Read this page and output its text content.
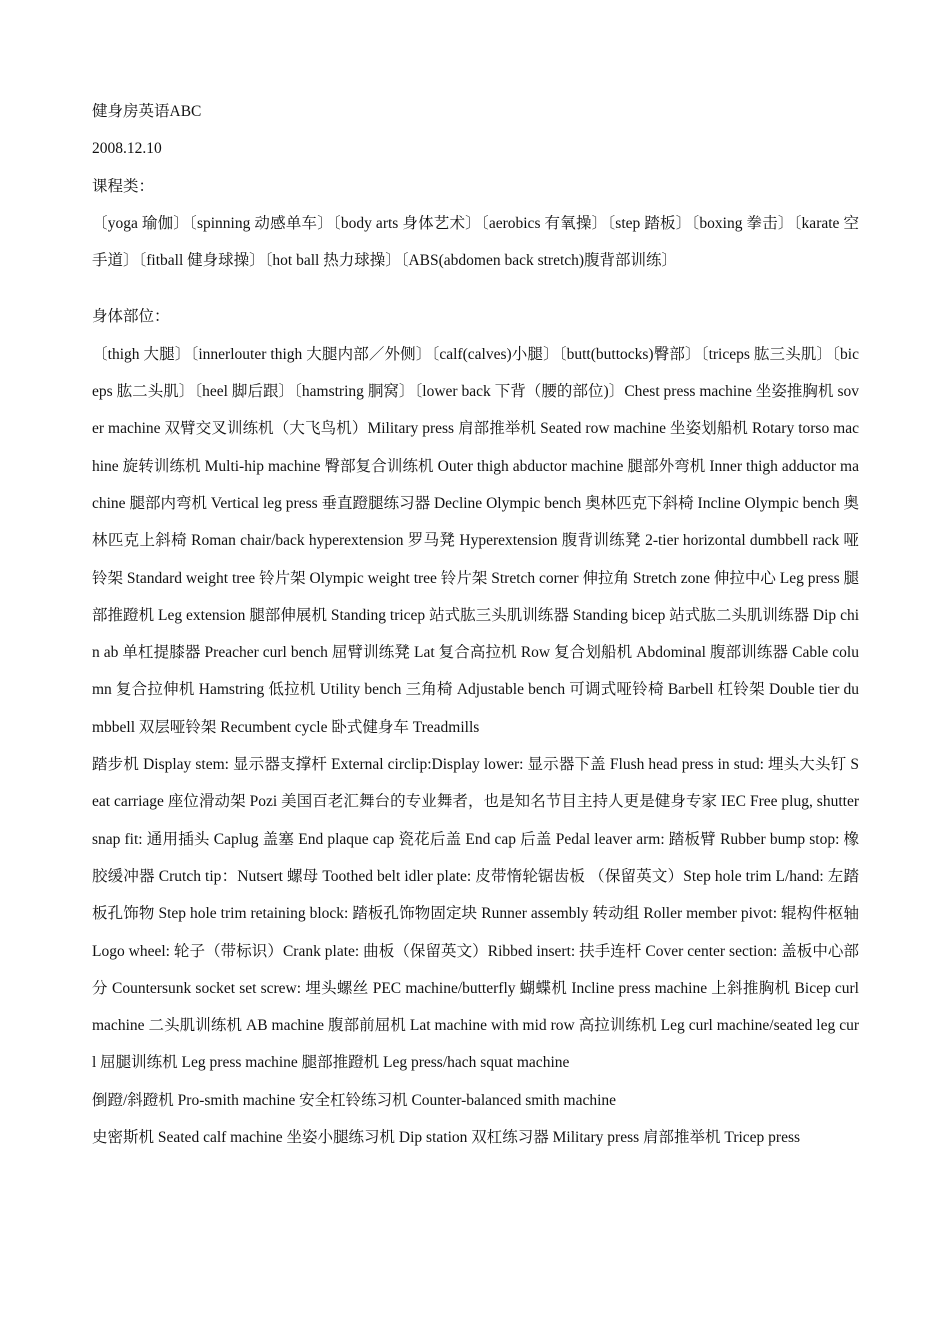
健身房英语ABC

2008.12.10

课程类：

〔yoga 瑜伽〕〔spinning 动感单车〕〔body arts 身体艺术〕〔aerobics 有氧操〕〔step 踏板〕〔boxing 拳击〕〔karate 空手道〕〔fitball 健身球操〕〔hot ball 热力球操〕〔ABS(abdomen back stretch)腹背部训练〕

身体部位：

〔thigh 大腿〕〔innerlouter thigh 大腿内部／外侧〕〔calf(calves)小腿〕〔butt(buttocks)臀部〕〔triceps 肱三头肌〕〔biceps 肱二头肌〕〔heel 脚后跟〕〔hamstring 胴窝〕〔lower back 下背（腰的部位)〕Chest press machine 坐姿推胸机 sover machine 双臂交叉训练机（大飞鸟机）Military press 肩部推举机 Seated row machine 坐姿划船机 Rotary torso machine 旋转训练机 Multi-hip machine 臀部复合训练机 Outer thigh abductor machine 腿部外弯机 Inner thigh adductor machine 腿部内弯机 Vertical leg press 垂直蹬腿练习器 Decline Olympic bench 奥林匹克下斜椅 Incline Olympic bench 奥林匹克上斜椅 Roman chair/back hyperextension 罗马凳 Hyperextension 腹背训练凳 2-tier horizontal dumbbell rack 哑铃架 Standard weight tree 铃片架 Olympic weight tree 铃片架 Stretch corner 伸拉角 Stretch zone 伸拉中心 Leg press 腿部推蹬机 Leg extension 腿部伸展机 Standing tricep 站式肱三头肌训练器 Standing bicep 站式肱二头肌训练器 Dip chin ab 单杠提膝器 Preacher curl bench 屈臂训练凳 Lat 复合高拉机 Row 复合划船机 Abdominal 腹部训练器 Cable column 复合拉伸机 Hamstring 低拉机 Utility bench 三角椅 Adjustable bench 可调式哑铃椅 Barbell 杠铃架 Double tier dumbbell 双层哑铃架 Recumbent cycle 卧式健身车 Treadmills

踏步机 Display stem: 显示器支撑杆 External circlip:Display lower: 显示器下盖 Flush head press in stud: 埋头大头钉 Seat carriage 座位滑动架 Pozi 美国百老汇舞台的专业舞者，也是知名节目主持人更是健身专家 IEC Free plug, shutter snap fit: 通用插头 Caplug 盖塞 End plaque cap 瓷花后盖 End cap 后盖 Pedal leaver arm: 踏板臂 Rubber bump stop: 橡胶缓冲器 Crutch tip：Nutsert 螺母 Toothed belt idler plate: 皮带惰轮锯齿板 （保留英文）Step hole trim L/hand: 左踏板孔饰物 Step hole trim retaining block: 踏板孔饰物固定块 Runner assembly 转动组 Roller member pivot: 辊构件枢轴 Logo wheel: 轮子（带标识）Crank plate: 曲板（保留英文）Ribbed insert: 扶手连杆 Cover center section: 盖板中心部分 Countersunk socket set screw: 埋头螺丝 PEC machine/butterfly 蝴蝶机 Incline press machine 上斜推胸机 Bicep curl machine 二头肌训练机 AB machine 腹部前屈机 Lat machine with mid row 高拉训练机 Leg curl machine/seated leg curl 屈腿训练机 Leg press machine 腿部推蹬机 Leg press/hach squat machine

倒蹬/斜蹬机 Pro-smith machine 安全杠铃练习机 Counter-balanced smith machine

史密斯机 Seated calf machine 坐姿小腿练习机 Dip station 双杠练习器 Military press 肩部推举机 Tricep press
